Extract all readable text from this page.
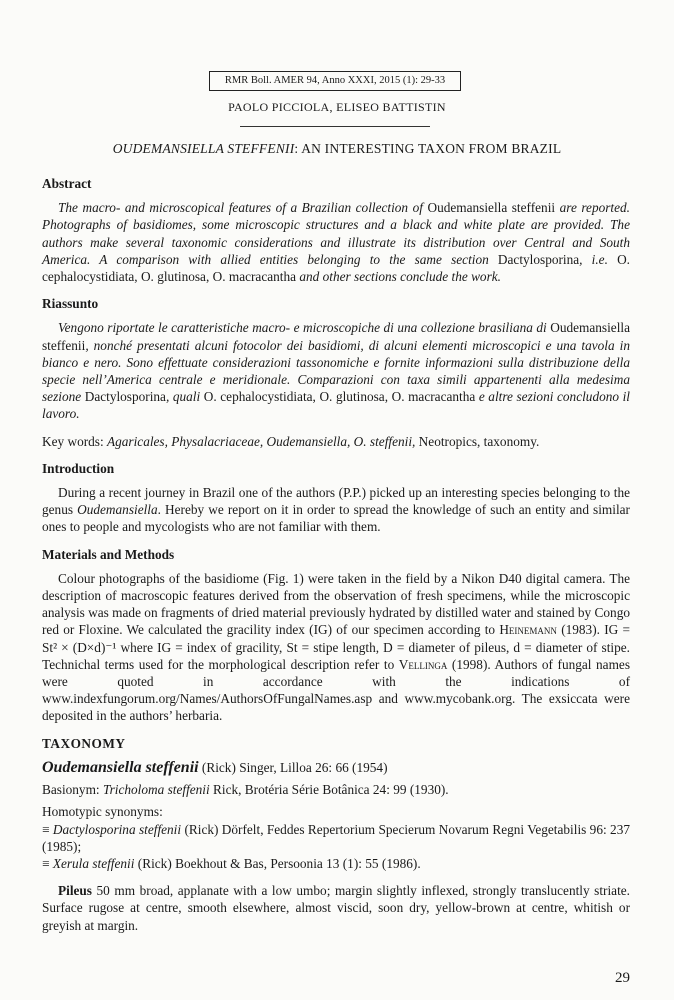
RMR Boll. AMER 94, Anno XXXI, 2015 (1): 29-33
PAOLO PICCIOLA, ELISEO BATTISTIN
OUDEMANSIELLA STEFFENII: AN INTERESTING TAXON FROM BRAZIL
Abstract

The macro- and microscopical features of a Brazilian collection of Oudemansiella steffenii are reported. Photographs of basidiomes, some microscopic structures and a black and white plate are provided. The authors make several taxonomic considerations and illustrate its distribution over Central and South America. A comparison with allied entities belonging to the same section Dactylosporina, i.e. O. cephalocystidiata, O. glutinosa, O. macracantha and other sections conclude the work.

Riassunto

Vengono riportate le caratteristiche macro- e microscopiche di una collezione brasiliana di Oudemansiella steffenii, nonché presentati alcuni fotocolor dei basidiomi, di alcuni elementi microscopici e una tavola in bianco e nero. Sono effettuate considerazioni tassonomiche e fornite informazioni sulla distribuzione della specie nell’America centrale e meridionale. Comparazioni con taxa simili appartenenti alla medesima sezione Dactylosporina, quali O. cephalocystidiata, O. glutinosa, O. macracantha e altre sezioni concludono il lavoro.

Key words: Agaricales, Physalacriaceae, Oudemansiella, O. steffenii, Neotropics, taxonomy.

Introduction

During a recent journey in Brazil one of the authors (P.P.) picked up an interesting species belonging to the genus Oudemansiella. Hereby we report on it in order to spread the knowledge of such an entity and similar ones to people and mycologists who are not familiar with them.

Materials and Methods

Colour photographs of the basidiome (Fig. 1) were taken in the field by a Nikon D40 digital camera. The description of macroscopic features derived from the observation of fresh specimens, while the microscopic analysis was made on fragments of dried material previously hydrated by distilled water and stained by Congo red or Floxine. We calculated the gracility index (IG) of our specimen according to Heinemann (1983). IG = St² × (D×d)⁻¹ where IG = index of gracility, St = stipe length, D = diameter of pileus, d = diameter of stipe. Technichal terms used for the morphological description refer to Vellinga (1998). Authors of fungal names were quoted in accordance with the indications of www.indexfungorum.org/Names/AuthorsOfFungalNames.asp and www.mycobank.org. The exsiccata were deposited in the authors’ herbaria.

TAXONOMY

Oudemansiella steffenii (Rick) Singer, Lilloa 26: 66 (1954)

Basionym: Tricholoma steffenii Rick, Brotéria Série Botânica 24: 99 (1930).

Homotypic synonyms:

≡ Dactylosporina steffenii (Rick) Dörfelt, Feddes Repertorium Specierum Novarum Regni Vegetabilis 96: 237 (1985);

≡ Xerula steffenii (Rick) Boekhout & Bas, Persoonia 13 (1): 55 (1986).

Pileus 50 mm broad, applanate with a low umbo; margin slightly inflexed, strongly translucently striate. Surface rugose at centre, smooth elsewhere, almost viscid, soon dry, yellow-brown at centre, whitish or greyish at margin.

29
